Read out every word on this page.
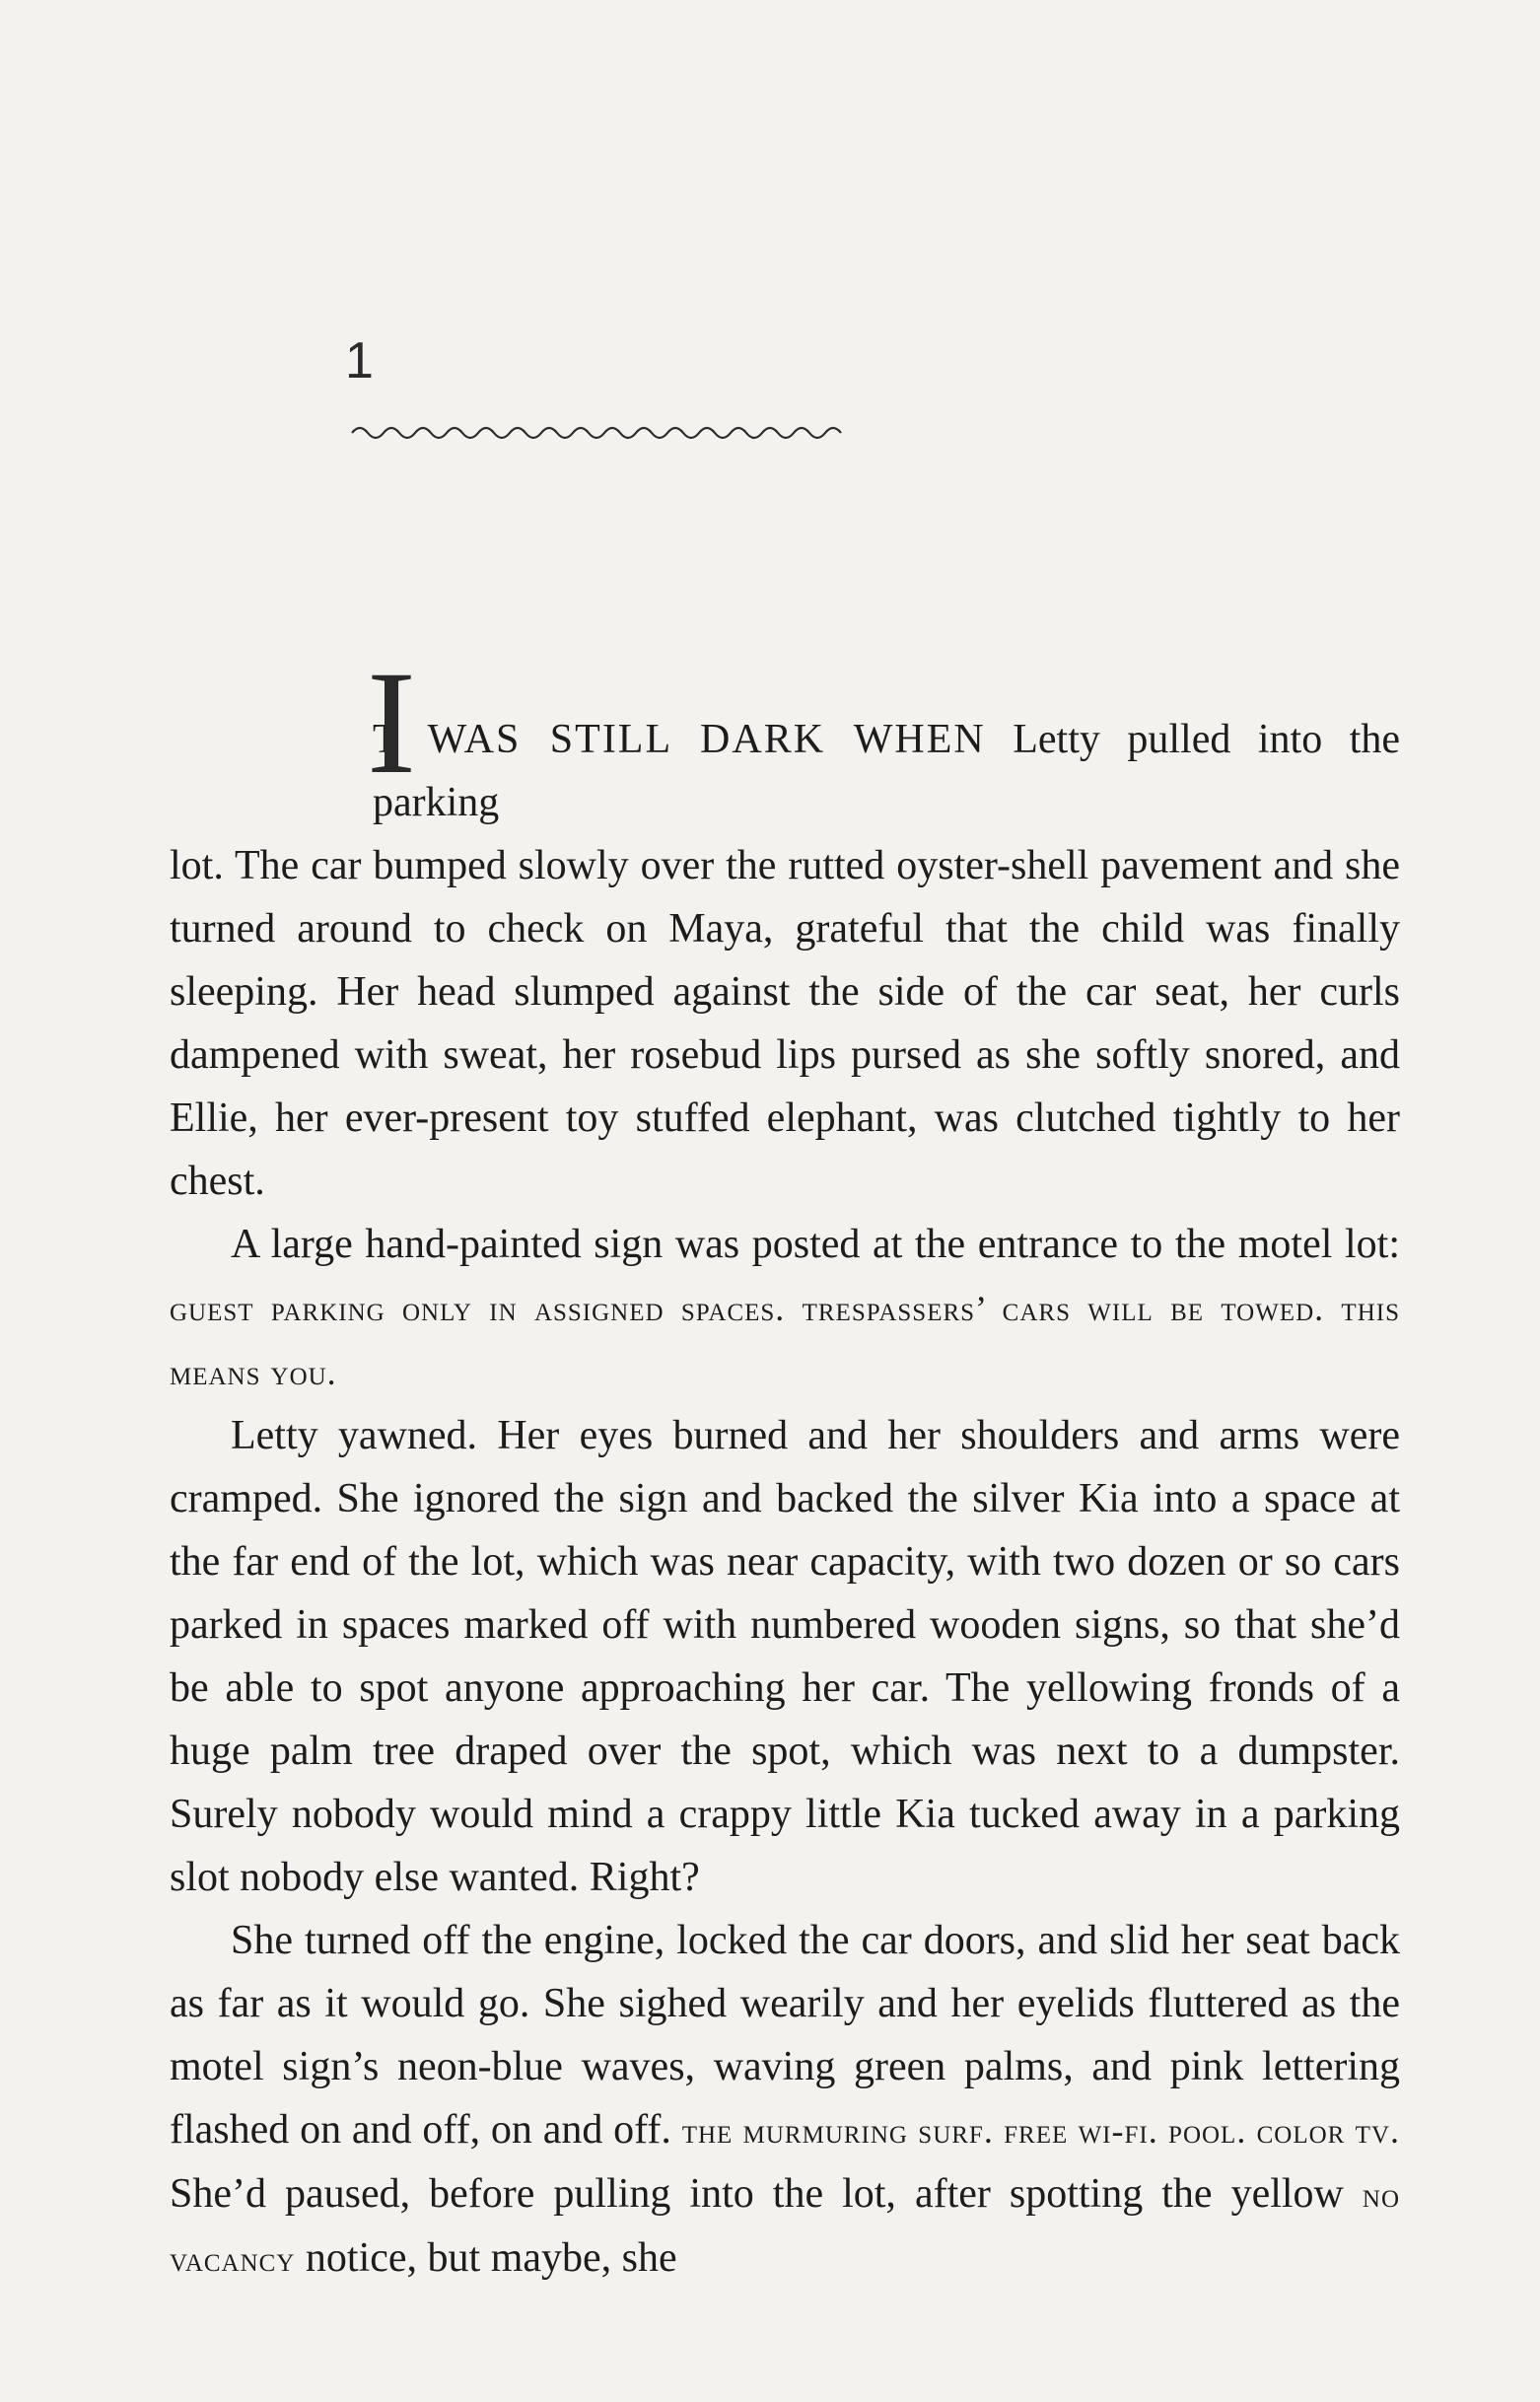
1

I
T WAS STILL DARK WHEN Letty pulled into the parking
lot. The car bumped slowly over the rutted oyster-shell pavement and she turned around to check on Maya, grateful that the child was finally sleeping. Her head slumped against the side of the car seat, her curls dampened with sweat, her rosebud lips pursed as she softly snored, and Ellie, her ever-present toy stuffed elephant, was clutched tightly to her chest.

A large hand-painted sign was posted at the entrance to the motel lot: guest parking only in assigned spaces. trespassers’ cars will be towed. this means you.

Letty yawned. Her eyes burned and her shoulders and arms were cramped. She ignored the sign and backed the silver Kia into a space at the far end of the lot, which was near capacity, with two dozen or so cars parked in spaces marked off with numbered wooden signs, so that she’d be able to spot anyone approaching her car. The yellowing fronds of a huge palm tree draped over the spot, which was next to a dumpster. Surely nobody would mind a crappy little Kia tucked away in a parking slot nobody else wanted. Right?

She turned off the engine, locked the car doors, and slid her seat back as far as it would go. She sighed wearily and her eyelids fluttered as the motel sign’s neon-blue waves, waving green palms, and pink lettering flashed on and off, on and off. the murmuring surf. free wi-fi. pool. color tv. She’d paused, before pulling into the lot, after spotting the yellow no vacancy notice, but maybe, she
